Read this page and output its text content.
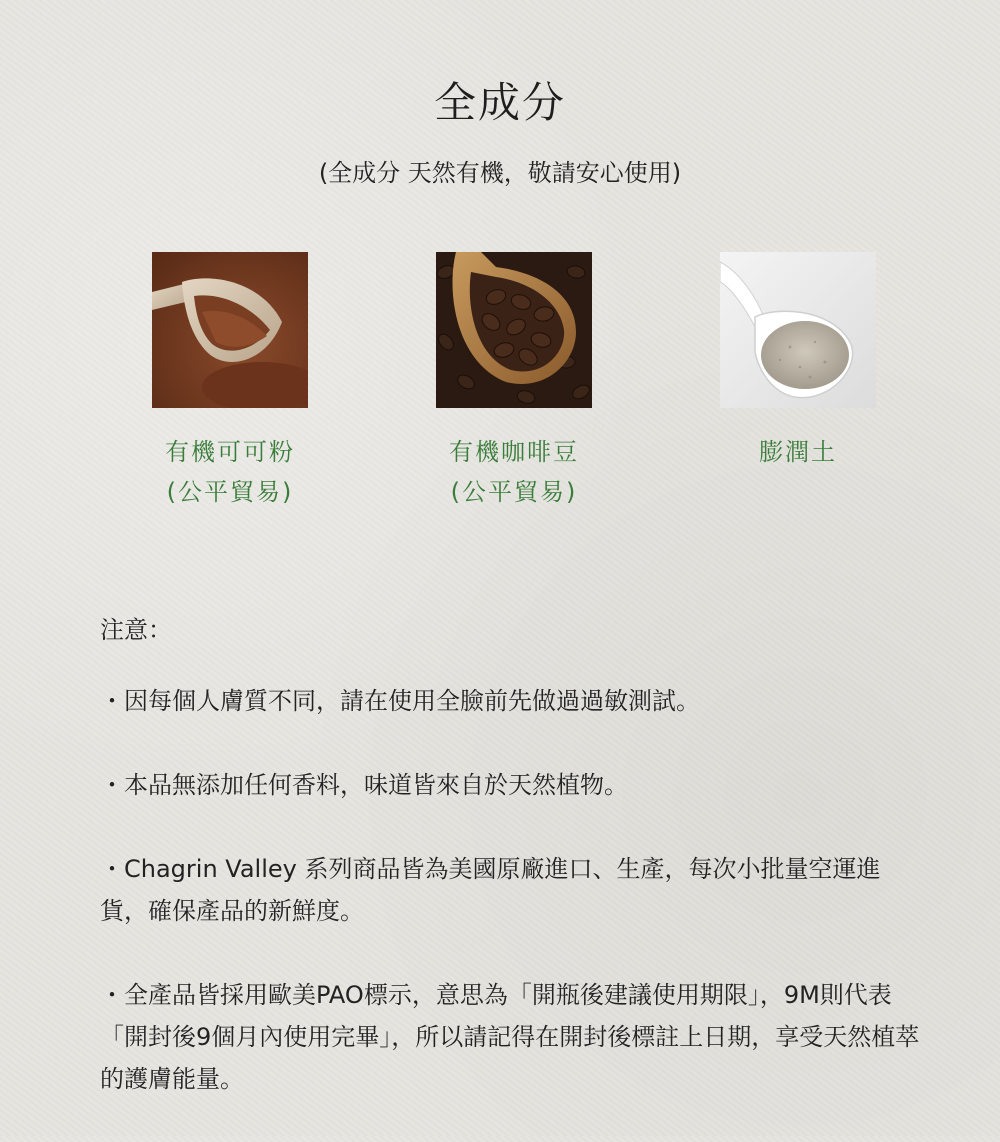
全成分

(全成分 天然有機，敬請安心使用)

有機可可粉
(公平貿易)
有機咖啡豆
(公平貿易)
膨潤土

注意：

・因每個人膚質不同，請在使用全臉前先做過過敏測試。
・本品無添加任何香料，味道皆來自於天然植物。
・Chagrin Valley 系列商品皆為美國原廠進口、生產，每次小批量空運進貨，確保產品的新鮮度。
・全產品皆採用歐美PAO標示，意思為「開瓶後建議使用期限」，9M則代表「開封後9個月內使用完畢」，所以請記得在開封後標註上日期，享受天然植萃的護膚能量。
